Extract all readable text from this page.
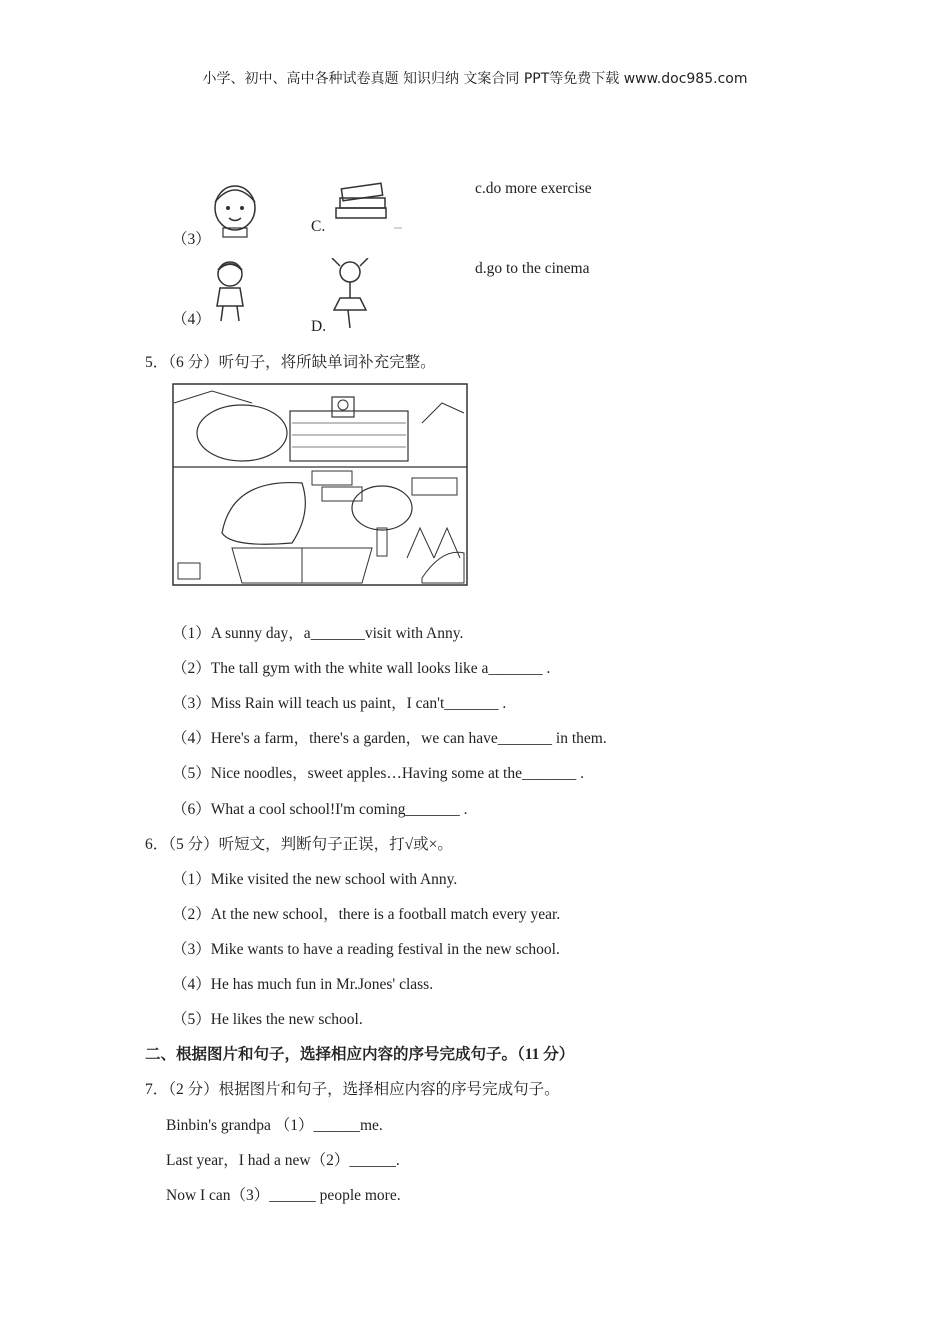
小学、初中、高中各种试卷真题 知识归纳 文案合同 PPT等免费下载 www.doc985.com
（3）
C.
c.do more exercise
（4）	D.
d.go to the cinema
5．（6 分）听句子，将所缺单词补充完整。
（1）A sunny day，a_______visit with Anny.
（2）The tall gym with the white wall looks like a_______ .
（3）Miss Rain will teach us paint，I can't_______ .
（4）Here's a farm，there's a garden，we can have_______ in them.
（5）Nice noodles，sweet apples…Having some at the_______ .
（6）What a cool school!I'm coming_______ .
6．（5 分）听短文，判断句子正误，打√或×。
（1）Mike visited the new school with Anny.
（2）At the new school，there is a football match every year.
（3）Mike wants to have a reading festival in the new school.
（4）He has much fun in Mr.Jones' class.
（5）He likes the new school.
二、根据图片和句子，选择相应内容的序号完成句子。（11 分）
7．（2 分）根据图片和句子，选择相应内容的序号完成句子。
Binbin's grandpa （1）______me.
Last year，I had a new（2）______.
Now I can（3）______ people more.
